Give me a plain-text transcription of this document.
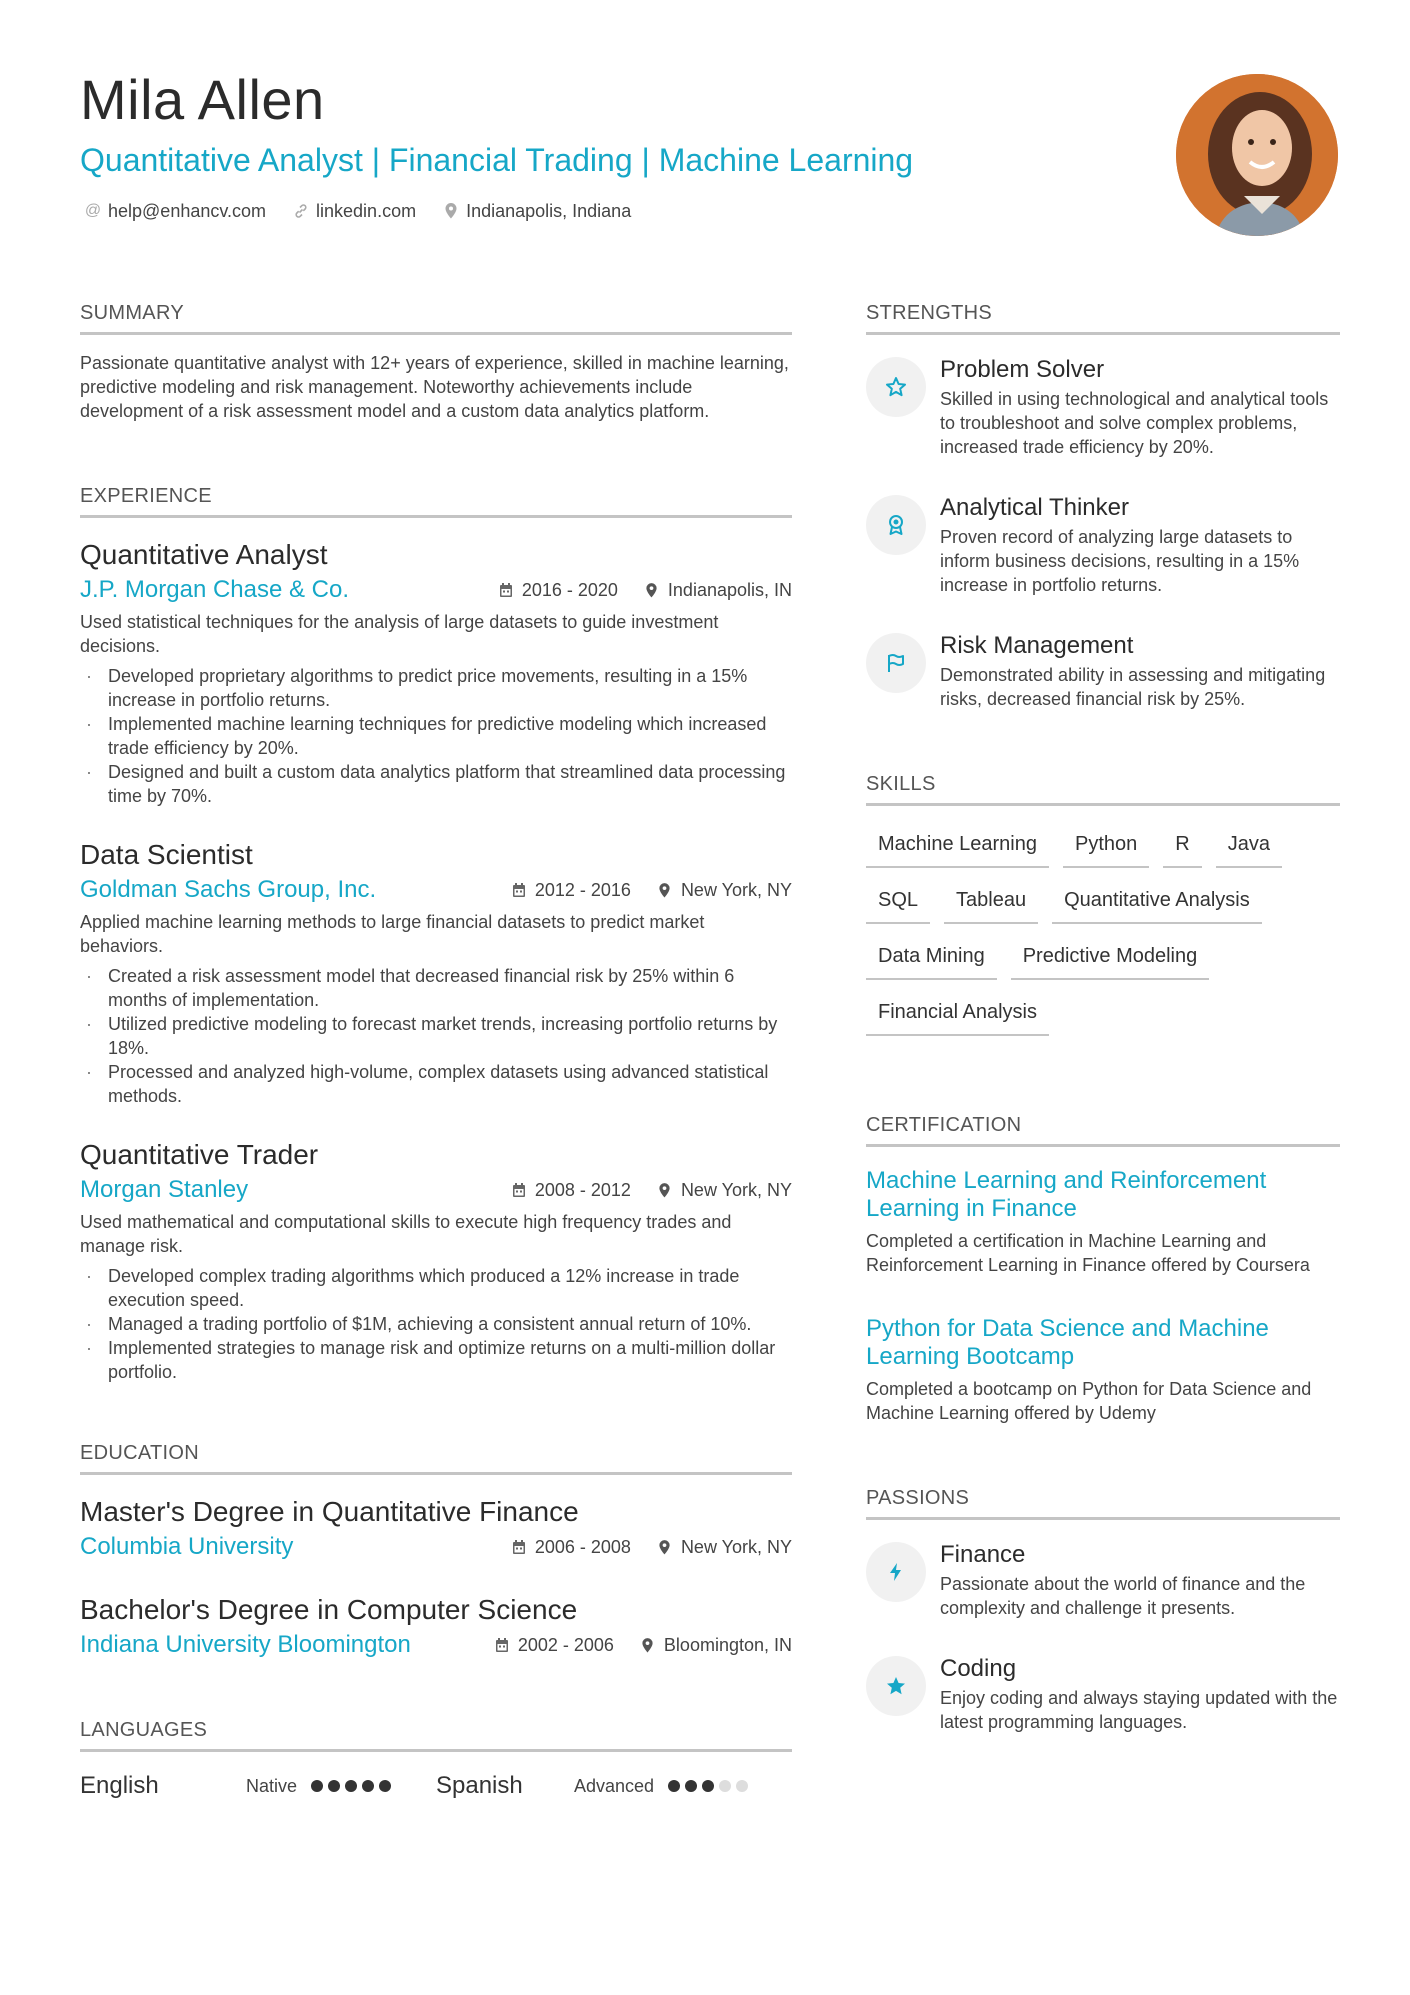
Mila Allen
Quantitative Analyst | Financial Trading | Machine Learning
@ help@enhancv.com	linkedin.com	Indianapolis, Indiana
SUMMARY
Passionate quantitative analyst with 12+ years of experience, skilled in machine learning, predictive modeling and risk management. Noteworthy achievements include development of a risk assessment model and a custom data analytics platform.
EXPERIENCE
Quantitative Analyst
J.P. Morgan Chase & Co.	2016 - 2020	Indianapolis, IN
Used statistical techniques for the analysis of large datasets to guide investment decisions.
· Developed proprietary algorithms to predict price movements, resulting in a 15% increase in portfolio returns.
· Implemented machine learning techniques for predictive modeling which increased trade efficiency by 20%.
· Designed and built a custom data analytics platform that streamlined data processing time by 70%.
Data Scientist
Goldman Sachs Group, Inc.	2012 - 2016	New York, NY
Applied machine learning methods to large financial datasets to predict market behaviors.
· Created a risk assessment model that decreased financial risk by 25% within 6 months of implementation.
· Utilized predictive modeling to forecast market trends, increasing portfolio returns by 18%.
· Processed and analyzed high-volume, complex datasets using advanced statistical methods.
Quantitative Trader
Morgan Stanley	2008 - 2012	New York, NY
Used mathematical and computational skills to execute high frequency trades and manage risk.
· Developed complex trading algorithms which produced a 12% increase in trade execution speed.
· Managed a trading portfolio of $1M, achieving a consistent annual return of 10%.
· Implemented strategies to manage risk and optimize returns on a multi-million dollar portfolio.
EDUCATION
Master's Degree in Quantitative Finance
Columbia University	2006 - 2008	New York, NY
Bachelor's Degree in Computer Science
Indiana University Bloomington	2002 - 2006	Bloomington, IN
LANGUAGES
English	Native	Spanish	Advanced
STRENGTHS
Problem Solver
Skilled in using technological and analytical tools to troubleshoot and solve complex problems, increased trade efficiency by 20%.
Analytical Thinker
Proven record of analyzing large datasets to inform business decisions, resulting in a 15% increase in portfolio returns.
Risk Management
Demonstrated ability in assessing and mitigating risks, decreased financial risk by 25%.
SKILLS
Machine Learning	Python	R	Java
SQL	Tableau	Quantitative Analysis
Data Mining	Predictive Modeling
Financial Analysis
CERTIFICATION
Machine Learning and Reinforcement Learning in Finance
Completed a certification in Machine Learning and Reinforcement Learning in Finance offered by Coursera
Python for Data Science and Machine Learning Bootcamp
Completed a bootcamp on Python for Data Science and Machine Learning offered by Udemy
PASSIONS
Finance
Passionate about the world of finance and the complexity and challenge it presents.
Coding
Enjoy coding and always staying updated with the latest programming languages.
